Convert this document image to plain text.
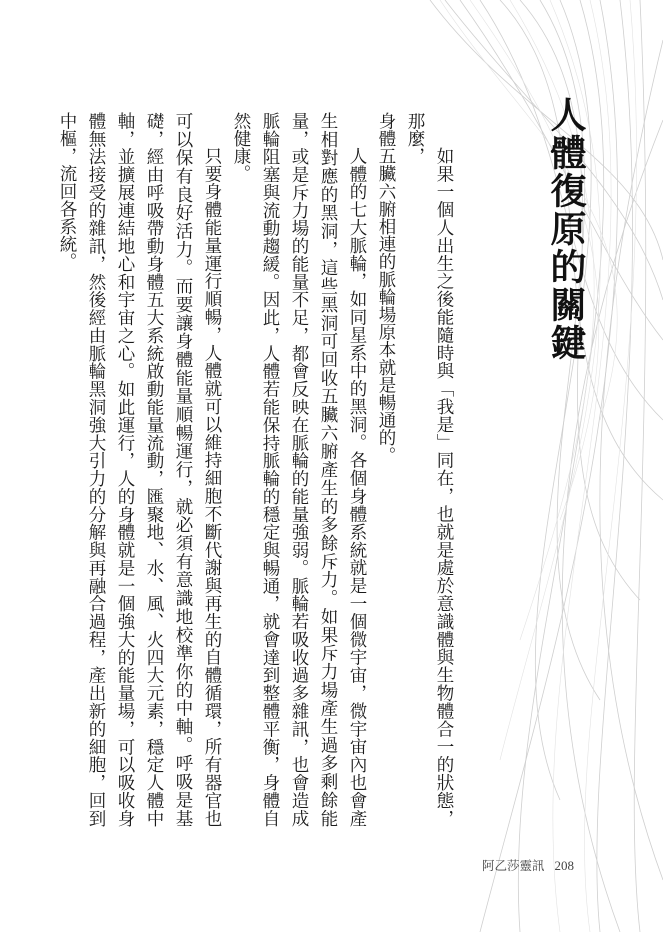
人體復原的關鍵

如果一個人出生之後能隨時與「我是」同在，也就是處於意識體與生物體合一的狀態，那麼，

身體五臟六腑相連的脈輪場原本就是暢通的。

人體的七大脈輪，如同星系中的黑洞。各個身體系統就是一個微宇宙，微宇宙內也會產生相對應的黑洞，這些黑洞可回收五臟六腑產生的多餘斥力。如果斥力場產生過多剩餘能量，或是斥力場的能量不足，都會反映在脈輪的能量強弱。脈輪若吸收過多雜訊，也會造成脈輪阻塞與流動趨緩。因此，人體若能保持脈輪的穩定與暢通，就會達到整體平衡，身體自然健康。

只要身體能量運行順暢，人體就可以維持細胞不斷代謝與再生的自體循環，所有器官也可以保有良好活力。而要讓身體能量順暢運行，就必須有意識地校準你的中軸。呼吸是基礎，經由呼吸帶動身體五大系統啟動能量流動，匯聚地、水、風、火四大元素，穩定人體中軸，並擴展連結地心和宇宙之心。如此運行，人的身體就是一個強大的能量場，可以吸收身體無法接受的雜訊，然後經由脈輪黑洞強大引力的分解與再融合過程，產出新的細胞，回到中樞，流回各系統。

阿乙莎靈訊 208
